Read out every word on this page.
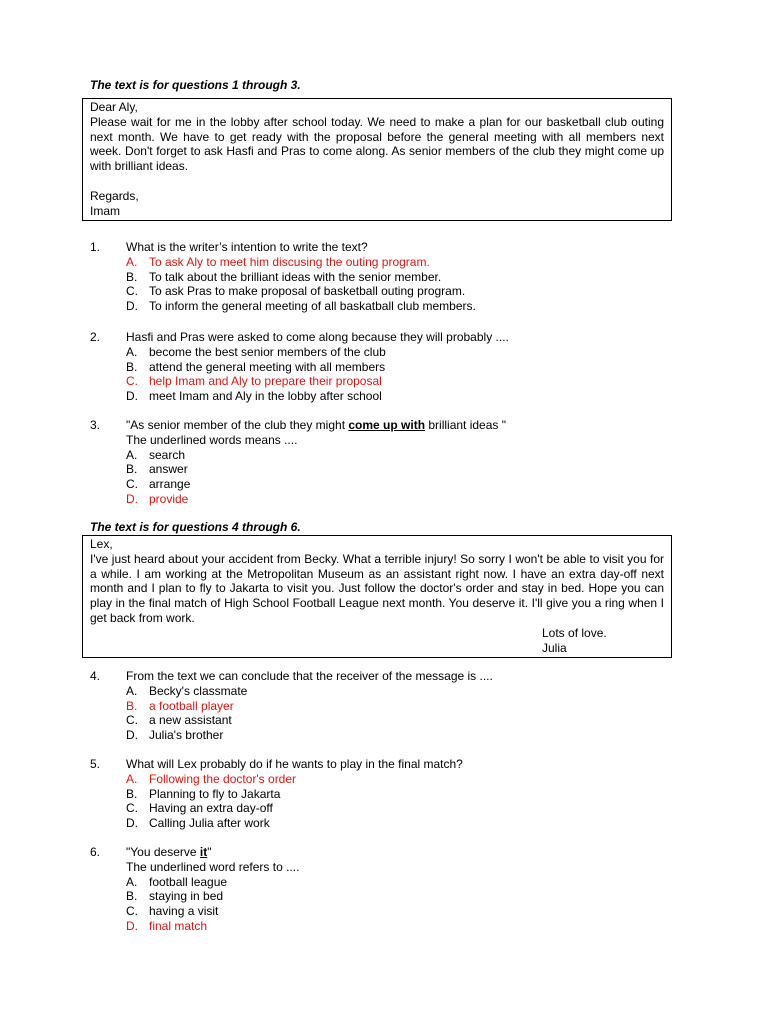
The text is for questions 1 through 3.

Dear Aly,

Please wait for me in the lobby after school today. We need to make a plan for our basketball club outing next month. We have to get ready with the proposal before the general meeting with all members next week. Don't forget to ask Hasfi and Pras to come along. As senior members of the club they might come up with brilliant ideas.

Regards,

Imam

1. What is the writer’s intention to write the text?
A. To ask Aly to meet him discusing the outing program.
B. To talk about the brilliant ideas with the senior member.
C. To ask Pras to make proposal of basketball outing program.
D. To inform the general meeting of all baskatball club members.
2. Hasfi and Pras were asked to come along because they will probably ....
A. become the best senior members of the club
B. attend the general meeting with all members
C. help Imam and Aly to prepare their proposal
D. meet Imam and Aly in the lobby after school
3. "As senior member of the club they might come up with brilliant ideas "
The underlined words means ....
A. search
B. answer
C. arrange
D. provide
The text is for questions 4 through 6.

Lex,

I've just heard about your accident from Becky. What a terrible injury! So sorry I won't be able to visit you for a while. I am working at the Metropolitan Museum as an assistant right now. I have an extra day-off next month and I plan to fly to Jakarta to visit you. Just follow the doctor's order and stay in bed. Hope you can play in the final match of High School Football League next month. You deserve it. I'll give you a ring when I get back from work.

Lots of love.

Julia

4. From the text we can conclude that the receiver of the message is ....
A. Becky's classmate
B. a football player
C. a new assistant
D. Julia's brother
5. What will Lex probably do if he wants to play in the final match?
A. Following the doctor's order
B. Planning to fly to Jakarta
C. Having an extra day-off
D. Calling Julia after work
6. "You deserve it"
The underlined word refers to ....
A. football league
B. staying in bed
C. having a visit
D. final match
